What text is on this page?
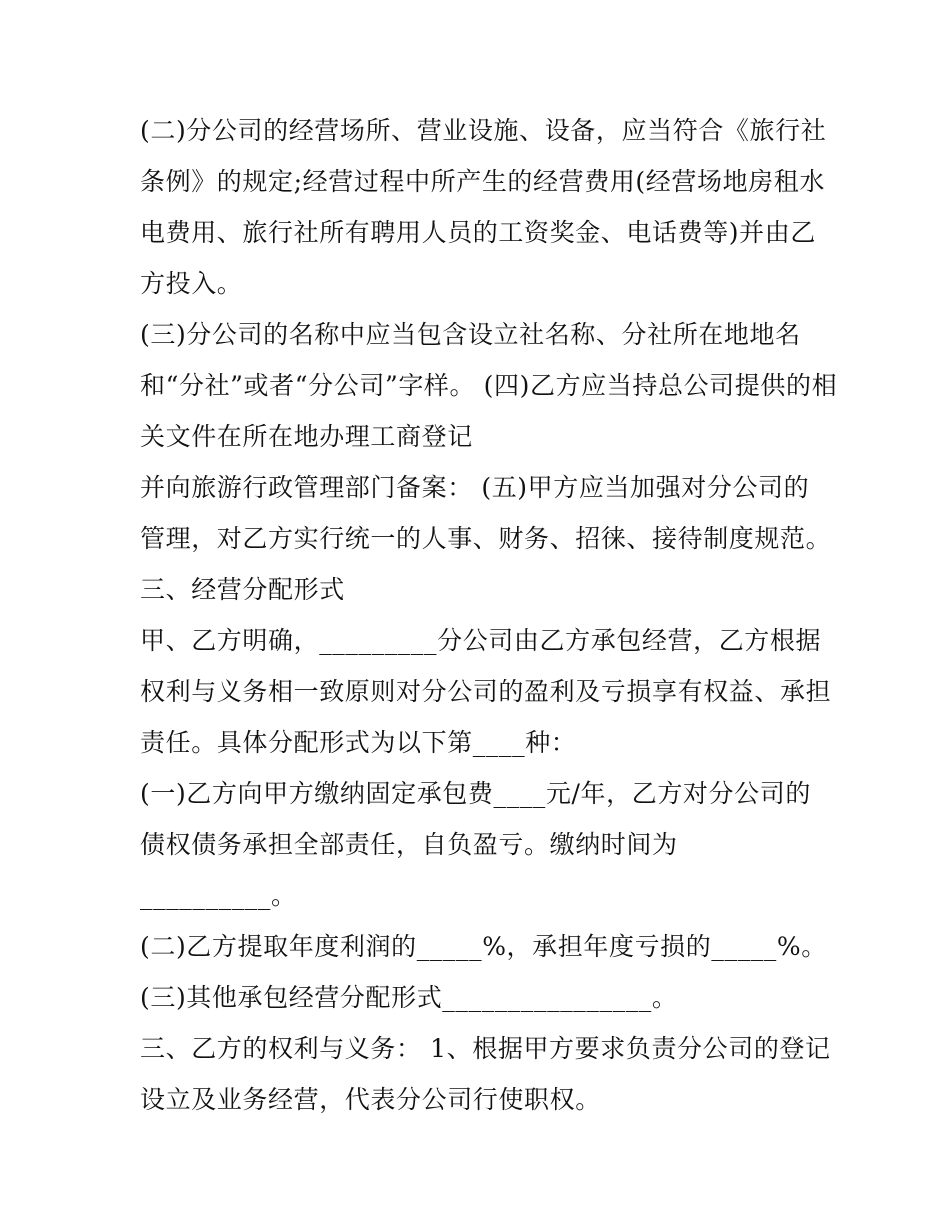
(二)分公司的经营场所、营业设施、设备，应当符合《旅行社
条例》的规定;经营过程中所产生的经营费用(经营场地房租水
电费用、旅行社所有聘用人员的工资奖金、电话费等)并由乙
方投入。
(三)分公司的名称中应当包含设立社名称、分社所在地地名
和“分社”或者“分公司”字样。 (四)乙方应当持总公司提供的相
关文件在所在地办理工商登记
并向旅游行政管理部门备案： (五)甲方应当加强对分公司的
管理，对乙方实行统一的人事、财务、招徕、接待制度规范。
三、经营分配形式
甲、乙方明确，_________分公司由乙方承包经营，乙方根据
权利与义务相一致原则对分公司的盈利及亏损享有权益、承担
责任。具体分配形式为以下第____种：
(一)乙方向甲方缴纳固定承包费____元/年，乙方对分公司的
债权债务承担全部责任，自负盈亏。缴纳时间为
__________。
(二)乙方提取年度利润的_____%，承担年度亏损的_____%。
(三)其他承包经营分配形式________________。
三、乙方的权利与义务： 1、根据甲方要求负责分公司的登记
设立及业务经营，代表分公司行使职权。
